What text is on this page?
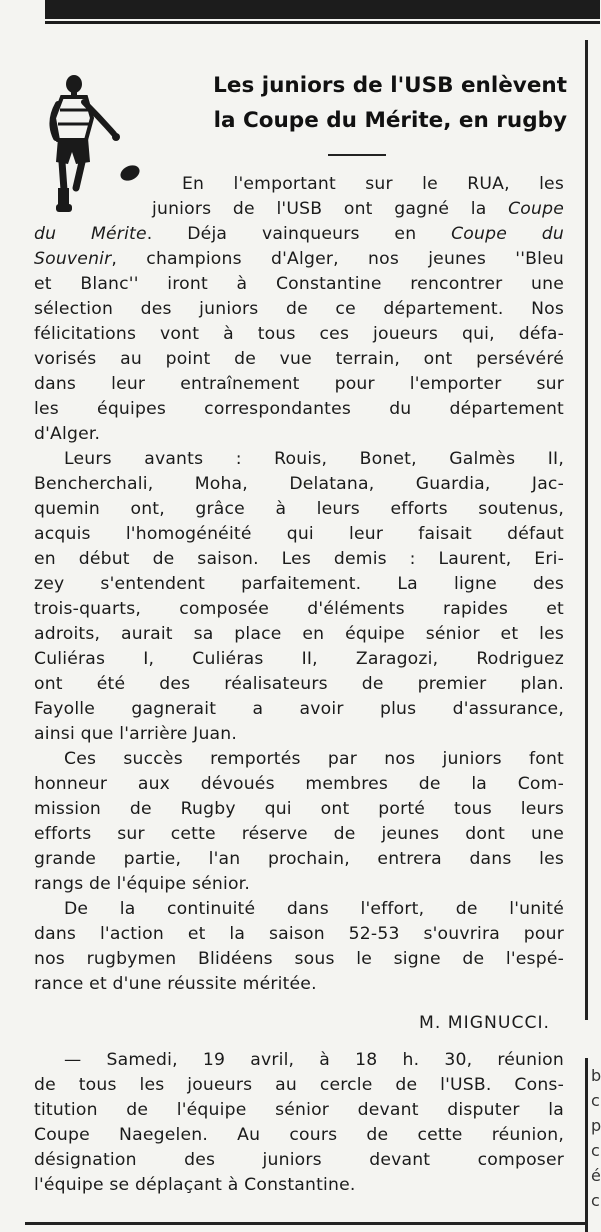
b
c
p
c
é
c
Les juniors de l'USB enlèvent
la Coupe du Mérite, en rugby
En l'emportant sur le RUA, les
juniors de l'USB ont gagné la Coupe
du Mérite. Déja vainqueurs en Coupe du
Souvenir, champions d'Alger, nos jeunes ''Bleu
et Blanc'' iront à Constantine rencontrer une
sélection des juniors de ce département. Nos
félicitations vont à tous ces joueurs qui, défa-
vorisés au point de vue terrain, ont persévéré
dans leur entraînement pour l'emporter sur
les équipes correspondantes du département
d'Alger.
Leurs avants : Rouis, Bonet, Galmès II,
Bencherchali, Moha, Delatana, Guardia, Jac-
quemin ont, grâce à leurs efforts soutenus,
acquis l'homogénéité qui leur faisait défaut
en début de saison. Les demis : Laurent, Eri-
zey s'entendent parfaitement. La ligne des
trois-quarts, composée d'éléments rapides et
adroits, aurait sa place en équipe sénior et les
Culiéras I, Culiéras II, Zaragozi, Rodriguez
ont été des réalisateurs de premier plan.
Fayolle gagnerait a avoir plus d'assurance,
ainsi que l'arrière Juan.
Ces succès remportés par nos juniors font
honneur aux dévoués membres de la Com-
mission de Rugby qui ont porté tous leurs
efforts sur cette réserve de jeunes dont une
grande partie, l'an prochain, entrera dans les
rangs de l'équipe sénior.
De la continuité dans l'effort, de l'unité
dans l'action et la saison 52-53 s'ouvrira pour
nos rugbymen Blidéens sous le signe de l'espé-
rance et d'une réussite méritée.
M. MIGNUCCI.
— Samedi, 19 avril, à 18 h. 30, réunion
de tous les joueurs au cercle de l'USB. Cons-
titution de l'équipe sénior devant disputer la
Coupe Naegelen. Au cours de cette réunion,
désignation des juniors devant composer
l'équipe se déplaçant à Constantine.
